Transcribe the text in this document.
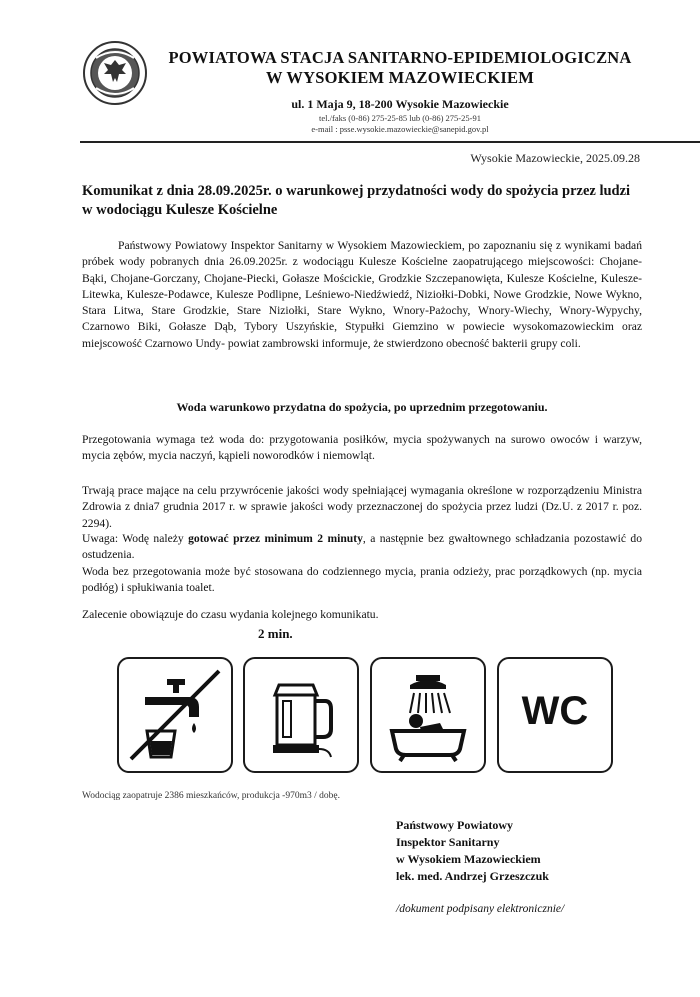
POWIATOWA STACJA SANITARNO-EPIDEMIOLOGICZNA
W WYSOKIEM MAZOWIECKIEM
ul. 1 Maja 9, 18-200 Wysokie Mazowieckie
tel./faks (0-86) 275-25-85 lub (0-86) 275-25-91
e-mail : psse.wysokie.mazowieckie@sanepid.gov.pl
Wysokie Mazowieckie, 2025.09.28
Komunikat z dnia 28.09.2025r. o warunkowej przydatności wody do spożycia przez ludzi w wodociągu Kulesze Kościelne
Państwowy Powiatowy Inspektor Sanitarny w Wysokiem Mazowieckiem, po zapoznaniu się z wynikami badań próbek wody pobranych dnia 26.09.2025r. z wodociągu Kulesze Kościelne zaopatrującego miejscowości: Chojane-Bąki, Chojane-Gorczany, Chojane-Piecki, Gołasze Mościckie, Grodzkie Szczepanowięta, Kulesze Kościelne, Kulesze-Litewka, Kulesze-Podawce, Kulesze Podlipne, Leśniewo-Niedźwiedź, Niziołki-Dobki, Nowe Grodzkie, Nowe Wykno, Stara Litwa, Stare Grodzkie, Stare Niziołki, Stare Wykno, Wnory-Pażochy, Wnory-Wiechy, Wnory-Wypychy, Czarnowo Biki, Gołasze Dąb, Tybory Uszyńskie, Stypułki Giemzino w powiecie wysokomazowieckim oraz miejscowość Czarnowo Undy- powiat zambrowski informuje, że stwierdzono obecność bakterii grupy coli.
Woda warunkowo przydatna do spożycia, po uprzednim przegotowaniu.
Przegotowania wymaga też woda do: przygotowania posiłków, mycia spożywanych na surowo owoców i warzyw, mycia zębów, mycia naczyń, kąpieli noworodków i niemowląt.
Trwają prace mające na celu przywrócenie jakości wody spełniającej wymagania określone w rozporządzeniu Ministra Zdrowia z dnia7 grudnia 2017 r. w sprawie jakości wody przeznaczonej do spożycia przez ludzi (Dz.U. z 2017 r. poz. 2294).
Uwaga: Wodę należy gotować przez minimum 2 minuty, a następnie bez gwałtownego schładzania pozostawić do ostudzenia.
Woda bez przegotowania może być stosowana do codziennego mycia, prania odzieży, prac porządkowych (np. mycia podłóg) i spłukiwania toalet.
Zalecenie obowiązuje do czasu wydania kolejnego komunikatu.
2 min.
WC
Wodociąg zaopatruje 2386 mieszkańców, produkcja -970m3 / dobę.
Państwowy Powiatowy
Inspektor Sanitarny
w Wysokiem Mazowieckiem
lek. med. Andrzej Grzeszczuk
/dokument podpisany elektronicznie/
